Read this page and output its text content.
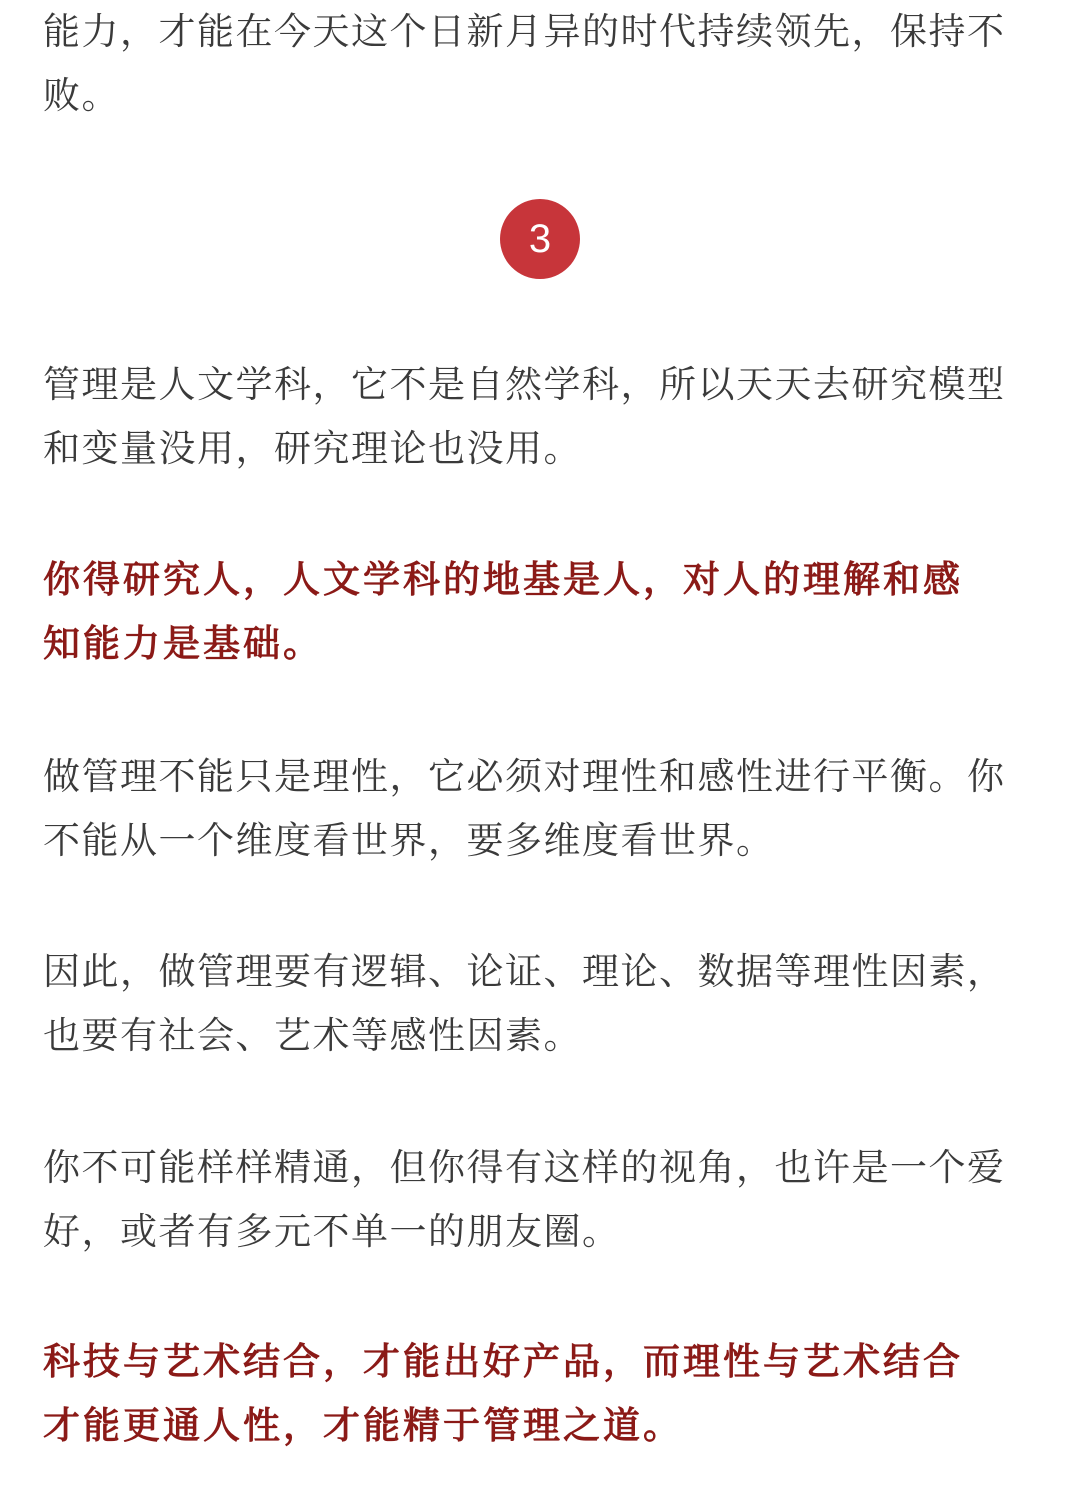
能力，才能在今天这个日新月异的时代持续领先，保持不
败。

3

管理是人文学科，它不是自然学科，所以天天去研究模型
和变量没用，研究理论也没用。

你得研究人，人文学科的地基是人，对人的理解和感
知能力是基础。

做管理不能只是理性，它必须对理性和感性进行平衡。你
不能从一个维度看世界，要多维度看世界。

因此，做管理要有逻辑、论证、理论、数据等理性因素，
也要有社会、艺术等感性因素。

你不可能样样精通，但你得有这样的视角，也许是一个爱
好，或者有多元不单一的朋友圈。

科技与艺术结合，才能出好产品，而理性与艺术结合
才能更通人性，才能精于管理之道。
